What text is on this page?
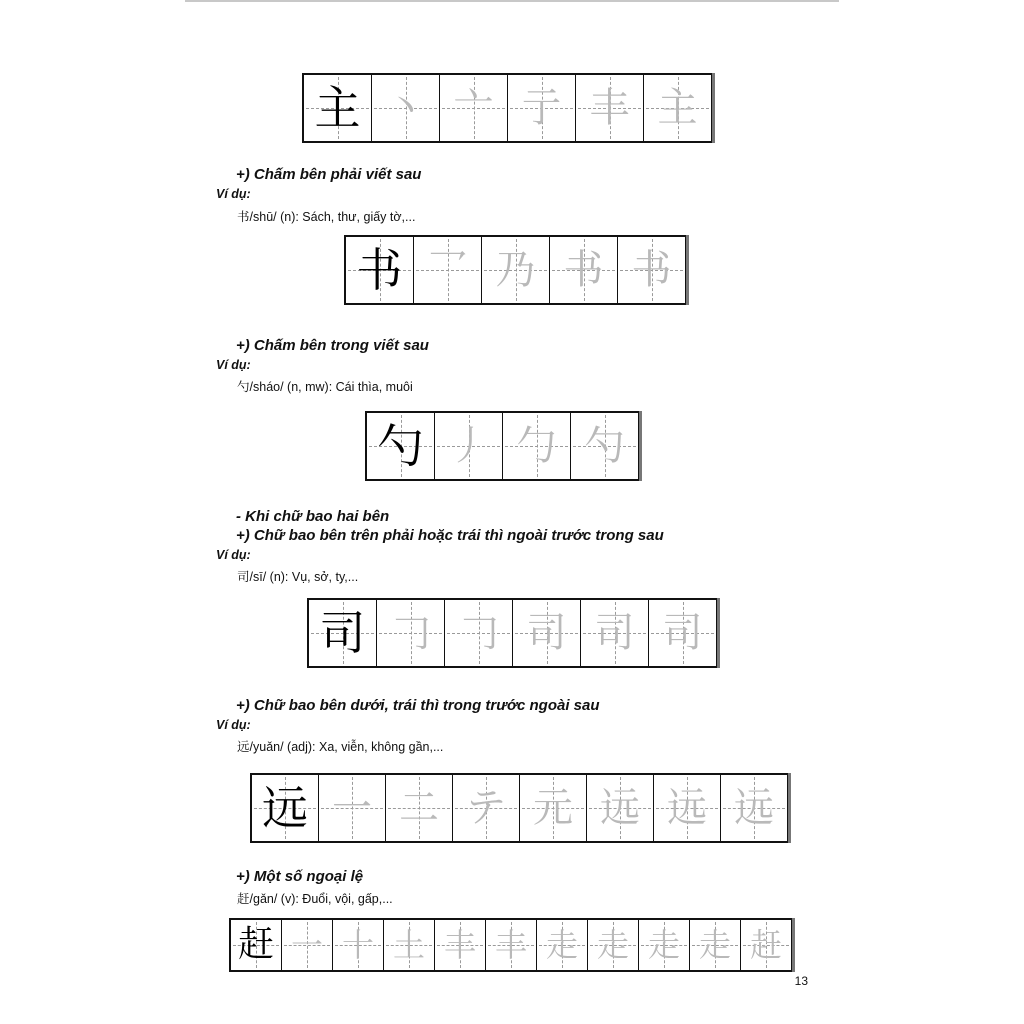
主 丶 亠 亍 丰 主
+) Chấm bên phải viết sau
Ví dụ:
书/shū/ (n): Sách, thư, giấy tờ,...
书 乛 乃 书 书
+) Chấm bên trong viết sau
Ví dụ:
勺/sháo/ (n, mw): Cái thìa, muôi
勺 丿 勹 勺
- Khi chữ bao hai bên
+) Chữ bao bên trên phải hoặc trái thì ngoài trước trong sau
Ví dụ:
司/sī/ (n): Vụ, sở, ty,...
司 𠃌 𠃌 司 司 司
+) Chữ bao bên dưới, trái thì trong trước ngoài sau
Ví dụ:
远/yuǎn/ (adj): Xa, viễn, không gần,...
远 一 二 テ 元 远 远 远
+) Một số ngoại lệ
赶/gǎn/ (v): Đuổi, vội, gấp,...
赶 一 十 土 丰 丰 走 走 走 走 赶
13
